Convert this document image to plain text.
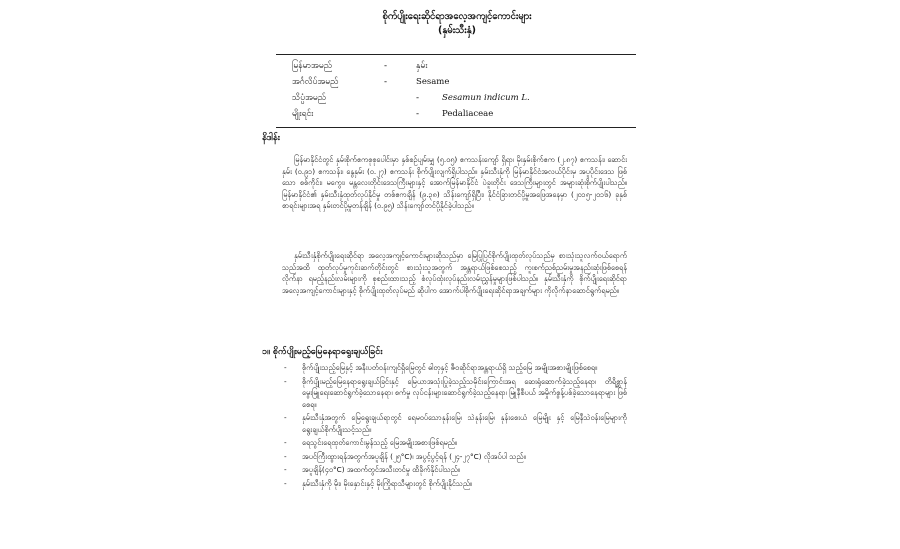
စိုက်ပျိုးရေးဆိုင်ရာအလေ့အကျင့်ကောင်းများ
(နှမ်းသီးနှံ)
မြန်မာအမည်	-	နှမ်း
အင်္ဂလိပ်အမည်	-	Sesame
သိပ္ပံအမည်	-	Sesamun indicum L.
မျိုးရင်း	-	Pedaliaceae
နိဒါန်း

မြန်မာနိုင်ငံတွင် နှမ်းစိုက်ဧကစုစုပေါင်းမှာ နှစ်စဉ်ပျမ်းမျှ (၅.၀၅) ဧကသန်းကျော် ရှိရာ၊ မိုးနှမ်းစိုက်ဧက (၂.၈၇) ဧကသန်း၊ ဆောင်းနှမ်း (၀.၉၁) ဧကသန်း၊ နွေနှမ်း (၀.၂၇) ဧကသန်း စိုက်ပျိုးလျက်ရှိပါသည်။ နှမ်းသီးနှံကို မြန်မာနိုင်ငံအလယ်ပိုင်းမှ အပူပိုင်းဒေသ ဖြစ်သော စစ်ကိုင်း၊ မကွေး၊ မန္တလေးတိုင်းဒေသကြီးများနှင့် အောက်မြန်မာနိုင်ငံ ပဲခူးတိုင်း ဒေသကြီးများတွင် အများဆုံးစိုက်ပျိုးပါသည်။ မြန်မာနိုင်ငံ၏ နှမ်းသီးနှံထုတ်လုပ်နိုင်မှု တစ်ဧကချိန် (၉.၃၈) သိန်းကျော်ရှိပြီး၊ နိုင်ငံခြားတင်ပို့မှုအဖြေအနေမှာ (၂၀၁၅-၂၀၁၆) ခုနှစ် စာရင်းများအရ နှမ်းတင်ပို့မှုတန်ချိန် (၀.၉၅) သိန်းကျော်တင်ပို့နိုင်ခဲ့ပါသည်။

နှမ်းသီးနှံစိုက်ပျိုးရေးဆိုင်ရာ အလေ့အကျင့်ကောင်းများဆိုသည်မှာ မြေပြုပြင်စိုက်ပျိုးထုတ်လုပ်သည်မှ စားသုံးသူလက်ဝယ်ရောက်သည်အထိ ထုတ်လုပ်မှုကုင်းဆက်တိုင်းတွင် စားသုံးသူအတွက် အန္တရာယ်ဖြစ်စေသည့် ကူးစက်ညစ်ညမ်းမှုအနည်းဆုံးဖြစ်စေရန် လိုက်နာ ရမည့်နည်းလမ်းများကို စုစည်းထားသည့် စံလုပ်ထုံးလုပ်နည်းလမ်းညွှန်မှုများဖြစ်ပါသည်။ နှမ်းသီးနှံကို စိုက်ပျိုးရေးဆိုင်ရာ အလေ့အကျင့်ကောင်းများနှင့် စိုက်ပျိုးထုတ်လုပ်မည် ဆိုပါက အောက်ပါစိုက်ပျိုးရေးဆိုင်ရာအချက်များ ကိုလိုက်နာဆောင်ရွက်ရမည်။

၁။ စိုက်ပျိုးမည့်မြေနေရာရွေးချယ်ခြင်း
- စိုက်ပျိုးသည့်မြေနှင့် အနီးပတ်ဝန်းကျင်ရှိမြေတွင် ဓါတုနှင့် ဇီဝဆိုင်ရာအန္တရာယ်ရှိ သည့်မြေ အမျိုးအစားမျိုးဖြစ်စေရ။
- စိုက်ပျိုးမည့်မြေနေရာရွေးချယ်ခြင်းနှင့် မြေယာအသုံးပြုခဲ့သည့်သမိုင်းကြောင်းအရ ဆေးရုံဆောက်ခဲ့သည့်နေရာ၊ တိရိစ္ဆာန်မွေးမြူရေးဆောင်ရွက်ခဲ့သောနေရာ၊ စက်မှု လုပ်ငန်းများဆောင်ရွက်ခဲ့သည့်နေရာ၊ မြူနီစီပယ် အမှိုက်စွန့်ပစ်ခဲ့သောနေရာများ ဖြစ်စေရ။
- နှမ်းသီးနှံအတွက် မြေရွေးချယ်ရာတွင် ရေမဝပ်သောနုန်းမြေ၊ သဲနုန်းမြေ၊ နုန်းစေးယံ မြေမျိုး နှင့် မြေနီသဲဝန်းမြေများကို ရွေးချယ်စိုက်ပျိုးသင့်သည်။
- ရေသွင်းရေထုတ်ကောင်းမွန်သည့် မြေအမျိုးအစားဖြစ်ရမည်။
- အပင်ကြီးထွားရန်အတွက်အပူချိန် (၂၅°C)၊ အပွင့်ပွင့်ရန် (၂၄-၂၇°C) လိုအပ်ပါ သည်။
- အပူချိန်(၄၀°C) အထက်တွင်အသီးတင်မှု ထိခိုက်နိုင်ပါသည်။
- နှမ်းသီးနှံကို မိုး၊ မိုးနှောင်းနှင့် မိုးကြိုရာသီများတွင် စိုက်ပျိုးနိုင်သည်။
